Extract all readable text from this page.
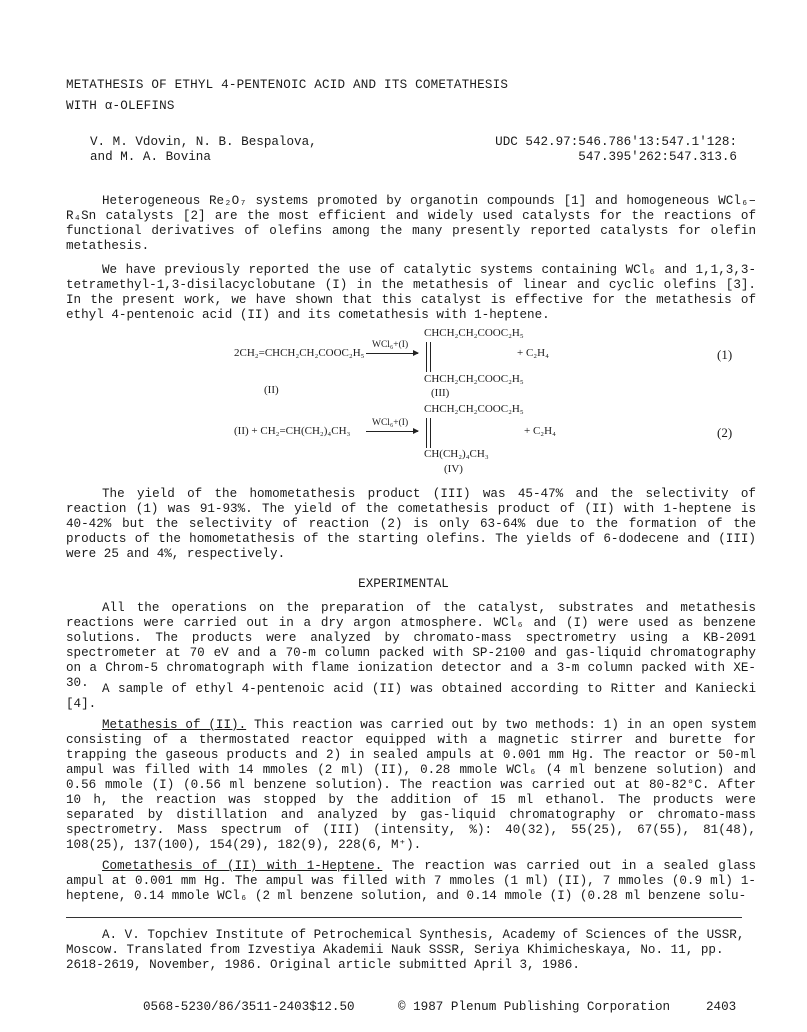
METATHESIS OF ETHYL 4-PENTENOIC ACID AND ITS COMETATHESIS
WITH α-OLEFINS
V. M. Vdovin, N. B. Bespalova,
and M. A. Bovina
UDC 542.97:546.786'13:547.1'128:
547.395'262:547.313.6
Heterogeneous Re₂O₇ systems promoted by organotin compounds [1] and homogeneous WCl₆–R₄Sn catalysts [2] are the most efficient and widely used catalysts for the reactions of functional derivatives of olefins among the many presently reported catalysts for olefin metathesis.
We have previously reported the use of catalytic systems containing WCl₆ and 1,1,3,3-tetramethyl-1,3-disilacyclobutane (I) in the metathesis of linear and cyclic olefins [3]. In the present work, we have shown that this catalyst is effective for the metathesis of ethyl 4-pentenoic acid (II) and its cometathesis with 1-heptene.
CHCH₂CH₂COOC₂H₅
2CH₂=CHCH₂CH₂COOC₂H₅
WCl₆+(I)
+ C₂H₄	(1)
CHCH₂CH₂COOC₂H₅
(II)	(III)
CHCH₂CH₂COOC₂H₅
(II) + CH₂=CH(CH₂)₄CH₃
WCl₆+(I)
+ C₂H₄	(2)
CH(CH₂)₄CH₃
(IV)
The yield of the homometathesis product (III) was 45-47% and the selectivity of reaction (1) was 91-93%. The yield of the cometathesis product of (II) with 1-heptene is 40-42% but the selectivity of reaction (2) is only 63-64% due to the formation of the products of the homometathesis of the starting olefins. The yields of 6-dodecene and (III) were 25 and 4%, respectively.
EXPERIMENTAL
All the operations on the preparation of the catalyst, substrates and metathesis reactions were carried out in a dry argon atmosphere. WCl₆ and (I) were used as benzene solutions. The products were analyzed by chromato-mass spectrometry using a KB-2091 spectrometer at 70 eV and a 70-m column packed with SP-2100 and gas-liquid chromatography on a Chrom-5 chromatograph with flame ionization detector and a 3-m column packed with XE-30.	A sample of ethyl 4-pentenoic acid (II) was obtained according to Ritter and Kaniecki [4].
Metathesis of (II). This reaction was carried out by two methods: 1) in an open system consisting of a thermostated reactor equipped with a magnetic stirrer and burette for trapping the gaseous products and 2) in sealed ampuls at 0.001 mm Hg. The reactor or 50-ml ampul was filled with 14 mmoles (2 ml) (II), 0.28 mmole WCl₆ (4 ml benzene solution) and 0.56 mmole (I) (0.56 ml benzene solution). The reaction was carried out at 80-82°C. After 10 h, the reaction was stopped by the addition of 15 ml ethanol. The products were separated by distillation and analyzed by gas-liquid chromatography or chromato-mass spectrometry. Mass spectrum of (III) (intensity, %): 40(32), 55(25), 67(55), 81(48), 108(25), 137(100), 154(29), 182(9), 228(6, M⁺).
Cometathesis of (II) with 1-Heptene. The reaction was carried out in a sealed glass ampul at 0.001 mm Hg. The ampul was filled with 7 mmoles (1 ml) (II), 7 mmoles (0.9 ml) 1-heptene, 0.14 mmole WCl₆ (2 ml benzene solution, and 0.14 mmole (I) (0.28 ml benzene solu-
A. V. Topchiev Institute of Petrochemical Synthesis, Academy of Sciences of the USSR, Moscow. Translated from Izvestiya Akademii Nauk SSSR, Seriya Khimicheskaya, No. 11, pp. 2618-2619, November, 1986. Original article submitted April 3, 1986.
0568-5230/86/3511-2403$12.50	© 1987 Plenum Publishing Corporation	2403
